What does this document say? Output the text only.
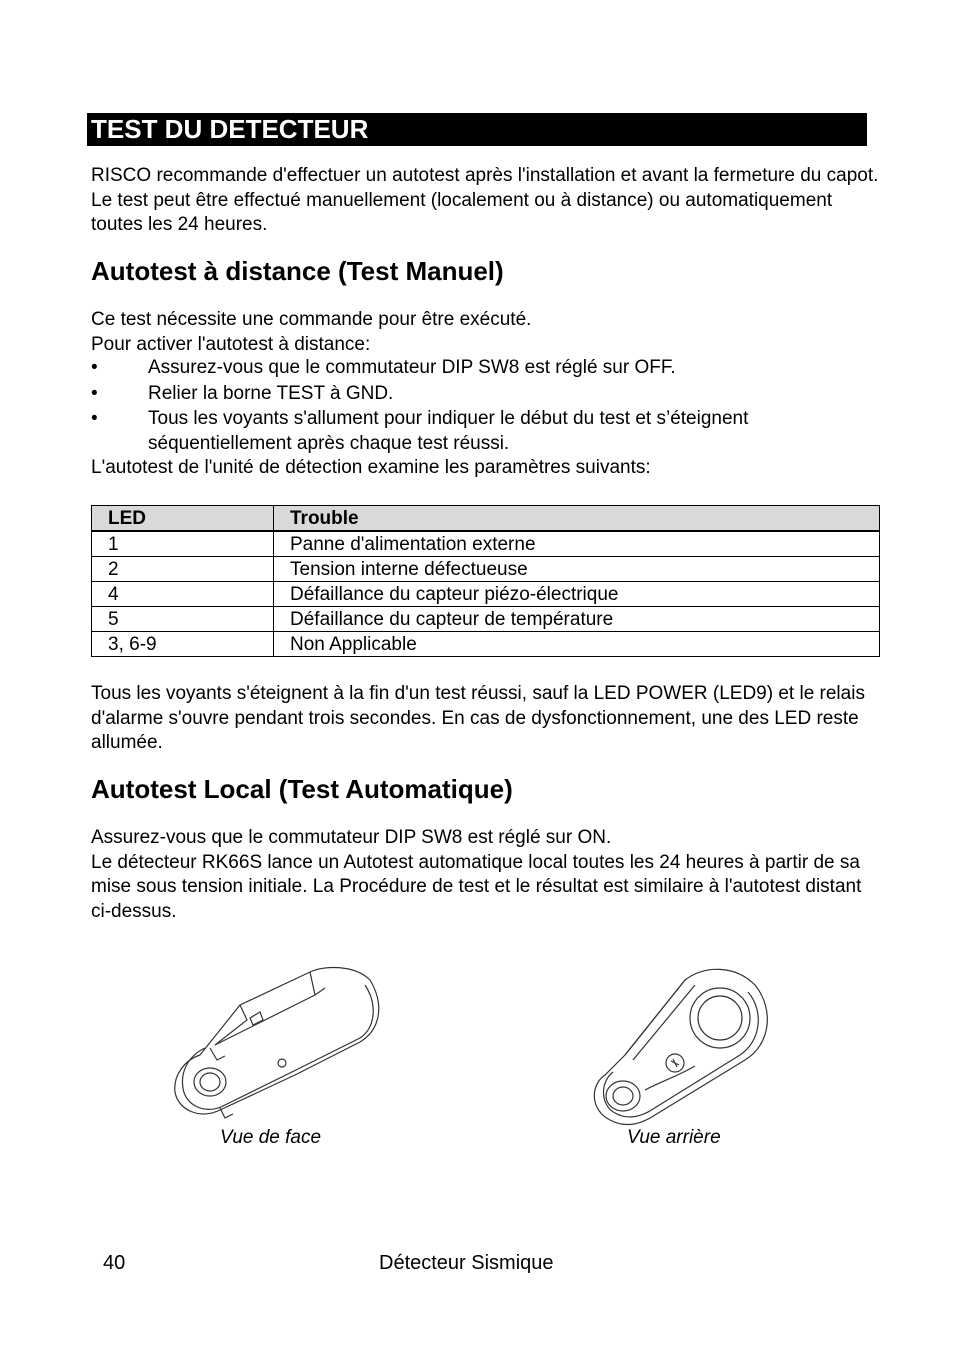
TEST DU DETECTEUR

RISCO recommande d'effectuer un autotest après l'installation et avant la fermeture du capot. Le test peut être effectué manuellement (localement ou à distance) ou automatiquement toutes les 24 heures.

Autotest à distance (Test Manuel)

Ce test nécessite une commande pour être exécuté.

Pour activer l'autotest à distance:

•	Assurez-vous que le commutateur DIP SW8 est réglé sur OFF.
•	Relier la borne TEST à GND.
•	Tous les voyants s'allument pour indiquer le début du test et s’éteignent séquentiellement après chaque test réussi.
L'autotest de l'unité de détection examine les paramètres suivants:
LED	Trouble
1	Panne d'alimentation externe
2	Tension interne défectueuse
4	Défaillance du capteur piézo-électrique
5	Défaillance du capteur de température
3, 6-9	Non Applicable

Tous les voyants s'éteignent à la fin d'un test réussi, sauf la LED POWER (LED9) et le relais d'alarme s'ouvre pendant trois secondes. En cas de dysfonctionnement, une des LED reste allumée.

Autotest Local (Test Automatique)

Assurez-vous que le commutateur DIP SW8 est réglé sur ON.

Le détecteur RK66S lance un Autotest automatique local toutes les 24 heures à partir de sa mise sous tension initiale. La Procédure de test et le résultat est similaire à l'autotest distant ci-dessus.

Vue de face	Vue arrière
40	Détecteur Sismique
